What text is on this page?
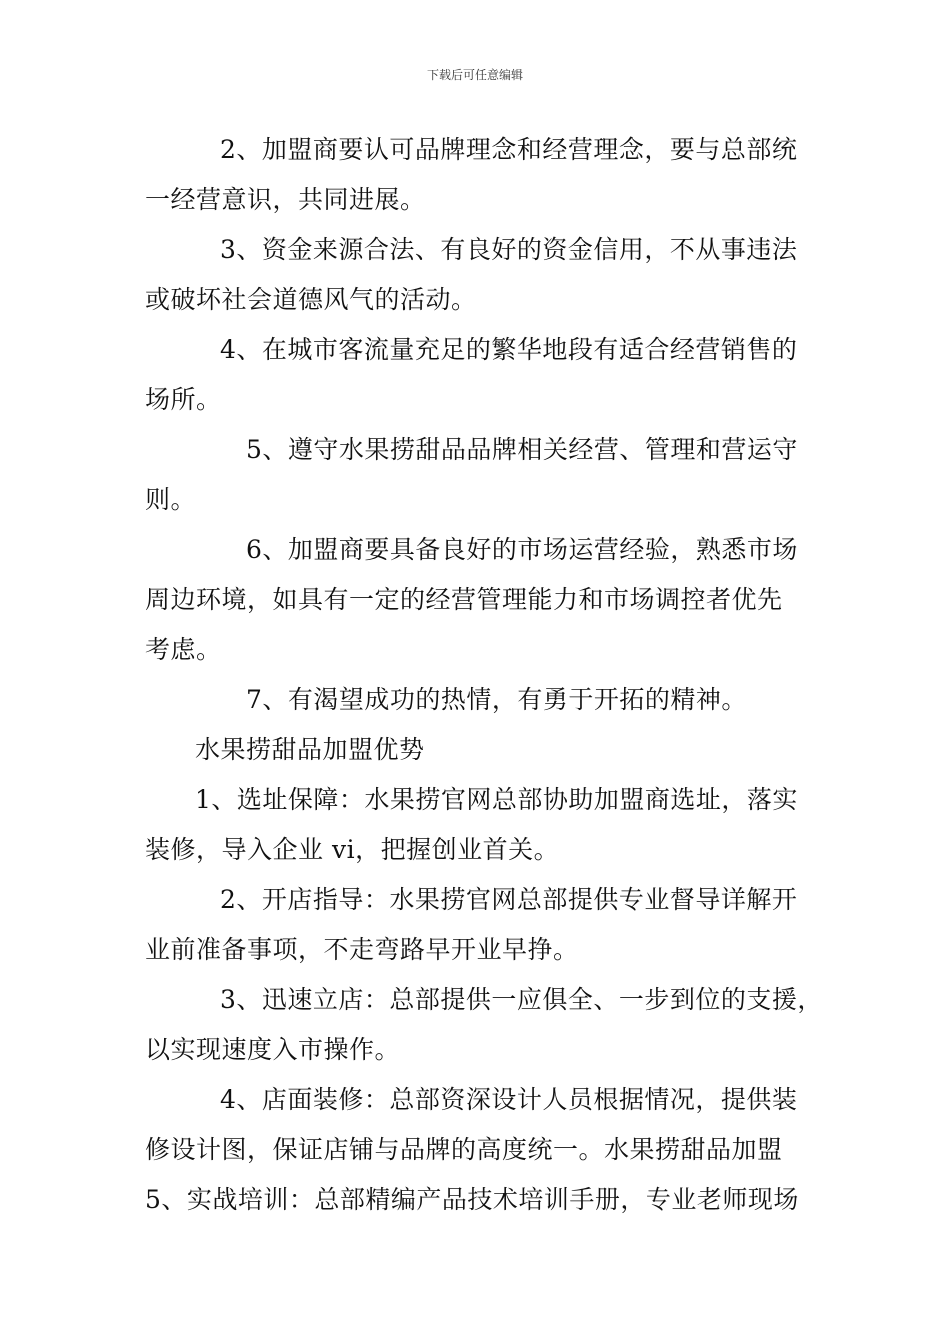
下载后可任意编辑
2、加盟商要认可品牌理念和经营理念，要与总部统
一经营意识，共同进展。
3、资金来源合法、有良好的资金信用，不从事违法
或破坏社会道德风气的活动。
4、在城市客流量充足的繁华地段有适合经营销售的
场所。
5、遵守水果捞甜品品牌相关经营、管理和营运守
则。
6、加盟商要具备良好的市场运营经验，熟悉市场
周边环境，如具有一定的经营管理能力和市场调控者优先
考虑。
7、有渴望成功的热情，有勇于开拓的精神。
水果捞甜品加盟优势
1、选址保障：水果捞官网总部协助加盟商选址，落实
装修，导入企业 vi，把握创业首关。
2、开店指导：水果捞官网总部提供专业督导详解开
业前准备事项，不走弯路早开业早挣。
3、迅速立店：总部提供一应俱全、一步到位的支援，
以实现速度入市操作。
4、店面装修：总部资深设计人员根据情况，提供装
修设计图，保证店铺与品牌的高度统一。水果捞甜品加盟
5、实战培训：总部精编产品技术培训手册，专业老师现场
